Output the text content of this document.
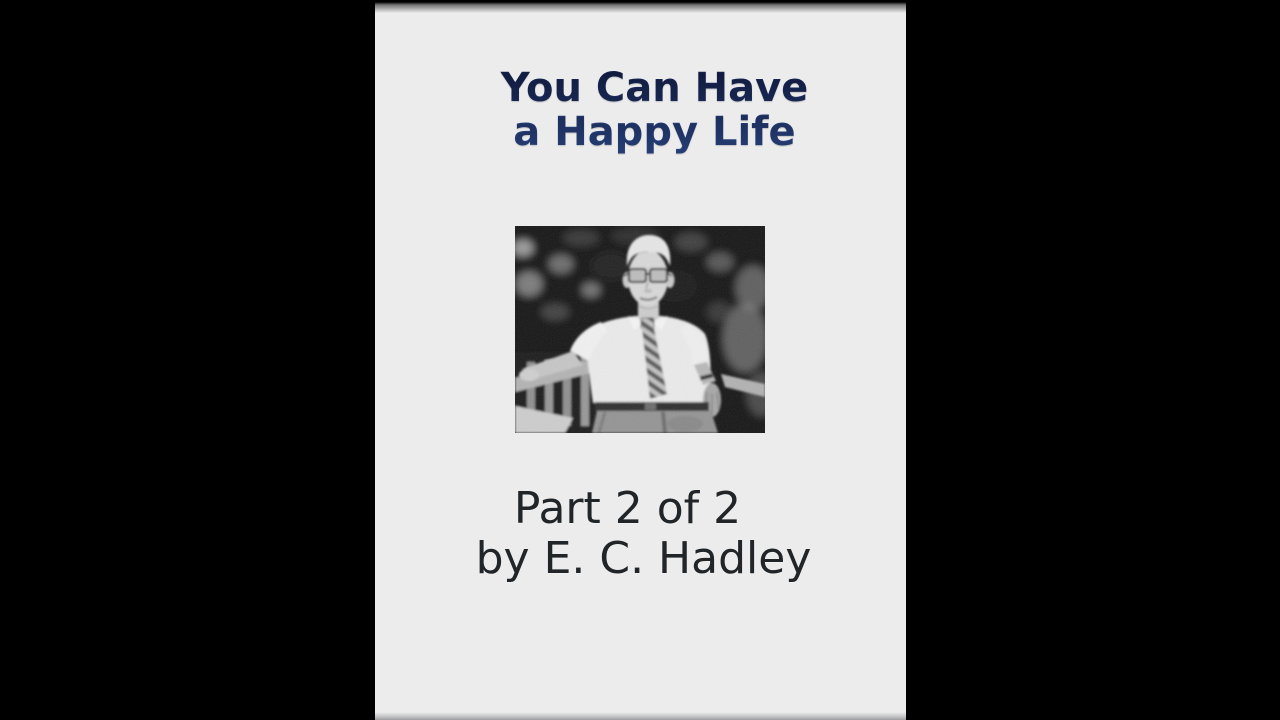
You Can Have
a Happy Life
Part 2 of 2
by E. C. Hadley
